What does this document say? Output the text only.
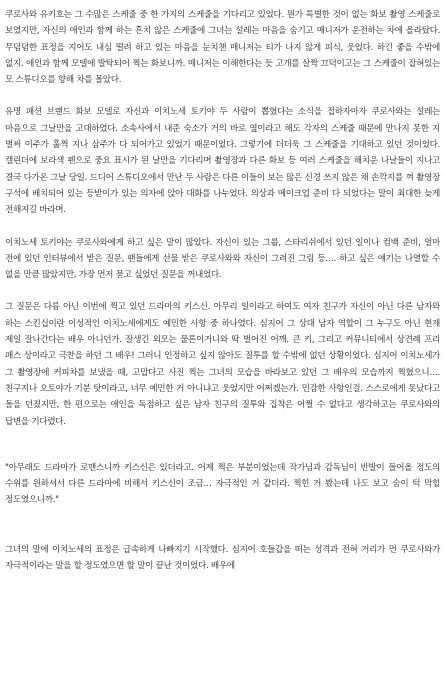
쿠로사와 유키호는 그 수많은 스케줄 중 한 가지의 스케줄을 기다리고 있었다. 뭔가 특별한 것이 없는 화보 촬영 스케줄로 보였지만, 자신의 애인과 함께 하는 흔치 않은 스케줄에 그녀는 설레는 마음을 숨기고 매니저가 운전하는 차에 올라탔다. 무덤덤한 표정을 지어도 내심 떨려 하고 있는 마음을 눈치챈 매니저는 티가 나지 않게 피식, 웃었다. 하긴 좋을 수밖에 없지. 애인과 함께 모델에 발탁되어 찍는 화보니까. 매니저는 이해한다는 듯 고개를 살짝 끄덕이고는 그 스케줄이 잡혀있는 모 스튜디오를 향해 차를 몰았다.

유명 패션 브랜드 화보 모델로 자신과 이치노세 토키야 두 사람이 뽑혔다는 소식을 접하자마자 쿠로사와는 설레는 마음으로 그날만을 고대하였다. 소속사에서 내준 숙소가 거의 바로 옆이라고 해도 각자의 스케줄 때문에 만나지 못한 지 벌써 이주가 훌쩍 지나 삼주가 다 되어가고 있었기 때문이었다. 그렇기에 더더욱 그 스케줄을 기대하고 있던 것이었다. 캘린더에 보라색 펜으로 중요 표시가 된 날만을 기다리며 촬영장과 다른 화보 등 여러 스케줄을 해치운 나날들이 지나고 결국 다가온 그날 당일. 드디어 스튜디오에서 만난 두 사람은 다른 이들이 보는 많은 신경 쓰지 않은 채 손깍지를 껴 촬영장 구석에 배치되어 있는 등받이가 있는 의자에 앉아 대화를 나누었다. 의상과 메이크업 준비 다 되었다는 말이 최대한 늦게 전해지길 바라며.

이치노세 토키야는 쿠로사와에게 하고 싶은 말이 많았다. 자신이 있는 그룹, 스타리쉬에서 있던 일이나 컴백 준비, 얼마 전에 있던 인터뷰에서 받은 질문, 팬들에게 선물 받은 쿠로사와와 자신이 그려진 그림 등…. 하고 싶은 얘기는 나열할 수 없을 만큼 많았지만, 가장 먼저 묻고 싶었던 질문을 꺼내었다.

그 질문은 다름 아닌 이번에 찍고 있던 드라마의 키스신. 아무리 일이라고 하여도 여자 친구가 자신이 아닌 다른 남자와 하는 스킨십이란 이성적인 이치노세에게도 예민한 사항 중 하나였다. 심지어 그 상대 남자 역할이 그 누구도 아닌 현재 제일 잘나간다는 배우 아니던가. 잘생긴 외모는 물론이거니와 딱 벌어진 어깨. 큰 키, 그리고 커뮤니티에서 상견례 프리 패스 상이라고 극찬을 하던 그 배우! 그러니 인정하고 싶지 않아도 질투를 할 수밖에 없던 상황이었다. 심지어 이치노세가 그 촬영장에 커피차를 보냈을 때, 고맙다고 사진 찍는 그녀의 모습을 바라보고 있던 그 배우의 모습까지 찍혔으니…. 친구지나 오토야가 기분 탓이라고, 너무 예민한 거 아니냐고 웃었지만 어쩌겠는가. 민감한 사항인걸. 스스로에게 못났다고 돌을 던졌지만, 한 편으로는 애인을 독점하고 싶은 남자 친구의 질투와 집착은 어쩔 수 없다고 생각하고는 쿠로사와의 답변을 기다렸다.

"아무래도 드라마가 로맨스니까 키스신은 있더라고. 어제 찍은 부분이었는데 작가님과 감독님이 반발이 들어올 정도의 수위를 원하셔서 다른 드라마에 비해서 키스신이 조금… 자극적인 거 같더라. 찍힌 거 봤는데 나도 보고 숨이 턱 막힐 정도였으니까."

그녀의 말에 이치노세의 표정은 급속하게 나빠지기 시작했다. 심지어 호들갑을 떠는 성격과 전혀 거리가 먼 쿠로사와가 자극적이라는 말을 할 정도였으면 할 말이 끝난 것이었다. 배우에
